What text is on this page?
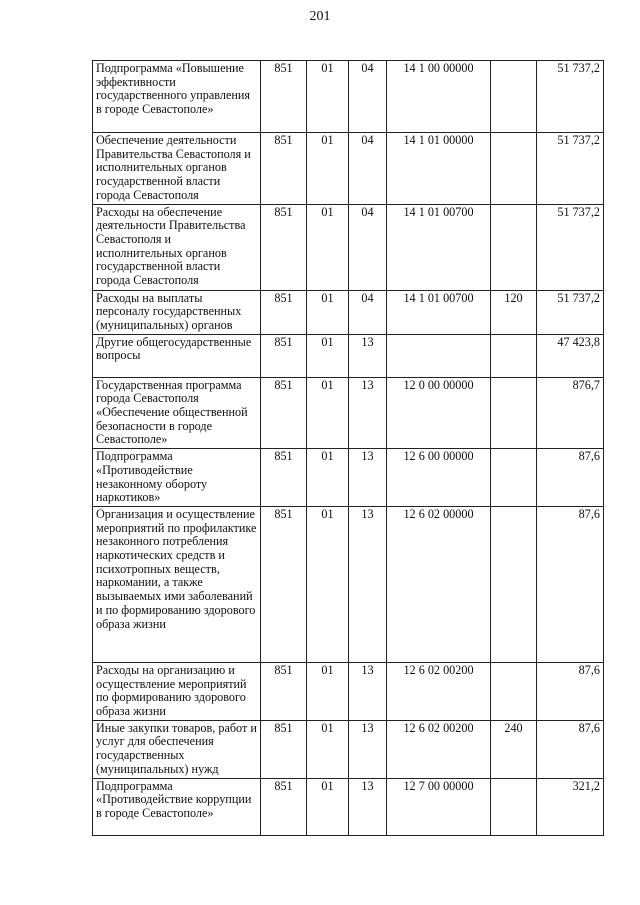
201
Подпрограмма «Повышение эффективности государственного управления в городе Севастополе»	851	01	04	14 1 00 00000		51 737,2
Обеспечение деятельности Правительства Севастополя и исполнительных органов государственной власти города Севастополя	851	01	04	14 1 01 00000		51 737,2
Расходы на обеспечение деятельности Правительства Севастополя и исполнительных органов государственной власти города Севастополя	851	01	04	14 1 01 00700		51 737,2
Расходы на выплаты персоналу государственных (муниципальных) органов	851	01	04	14 1 01 00700	120	51 737,2
Другие общегосударственные вопросы	851	01	13			47 423,8
Государственная программа города Севастополя «Обеспечение общественной безопасности в городе Севастополе»	851	01	13	12 0 00 00000		876,7
Подпрограмма «Противодействие незаконному обороту наркотиков»	851	01	13	12 6 00 00000		87,6
Организация и осуществление мероприятий по профилактике незаконного потребления наркотических средств и психотропных веществ, наркомании, а также вызываемых ими заболеваний и по формированию здорового образа жизни	851	01	13	12 6 02 00000		87,6
Расходы на организацию и осуществление мероприятий по формированию здорового образа жизни	851	01	13	12 6 02 00200		87,6
Иные закупки товаров, работ и услуг для обеспечения государственных (муниципальных) нужд	851	01	13	12 6 02 00200	240	87,6
Подпрограмма «Противодействие коррупции в городе Севастополе»	851	01	13	12 7 00 00000		321,2
